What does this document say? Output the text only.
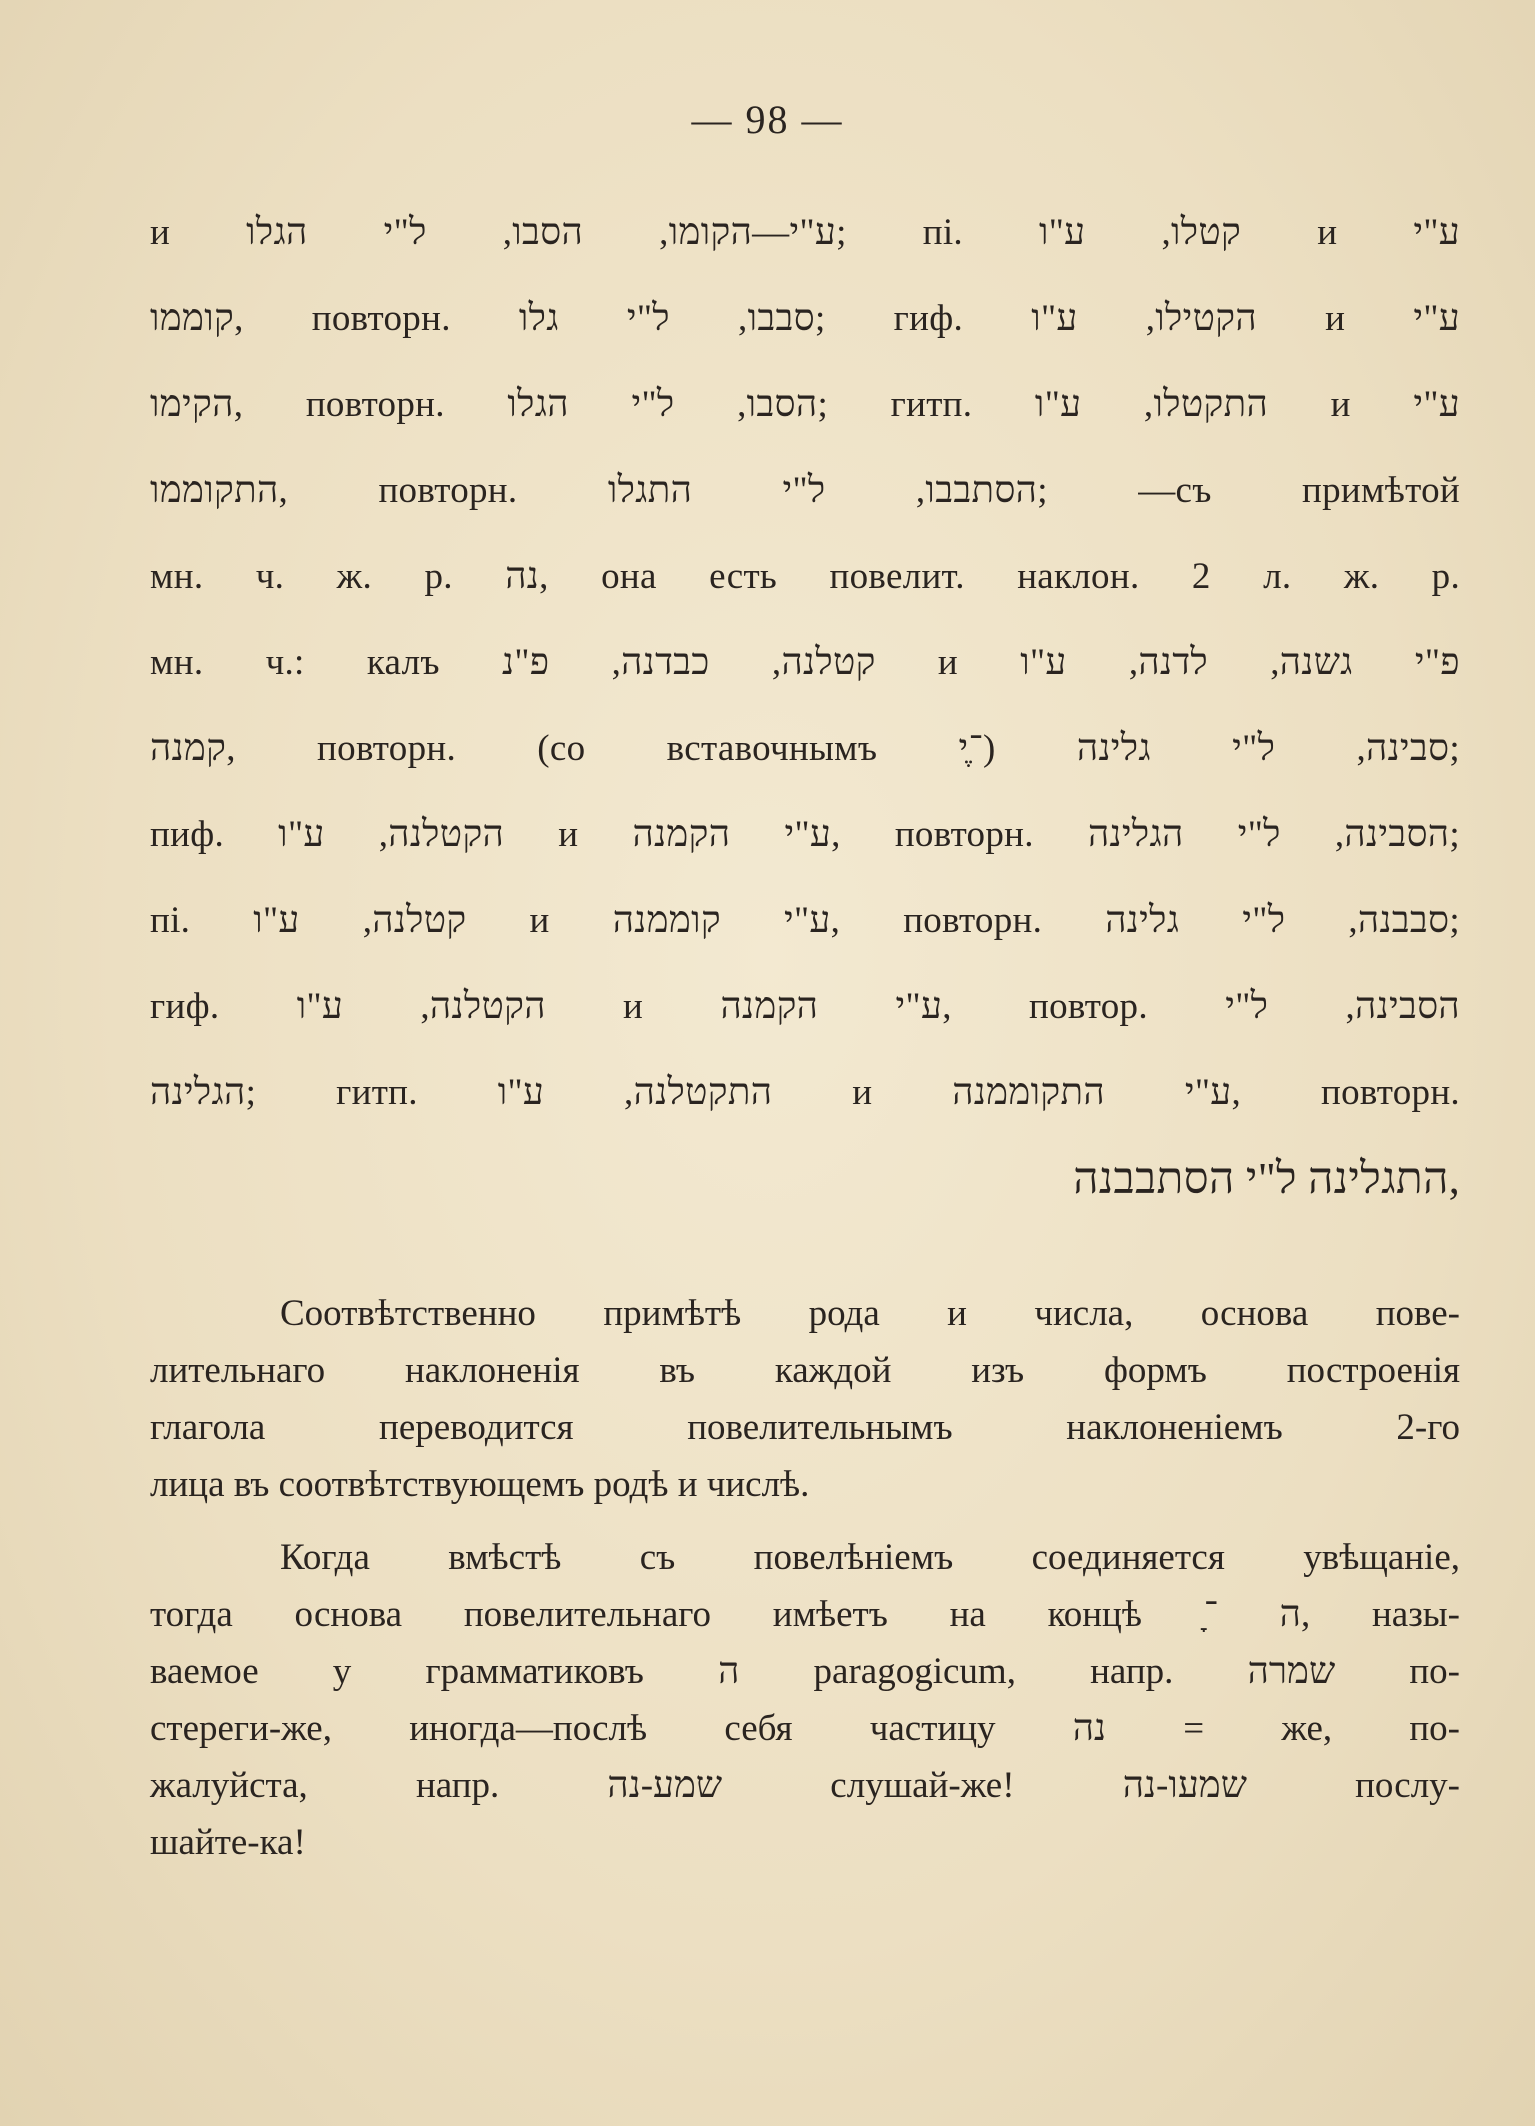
— 98 —
и ע"י—הקומו, הסבו, ל"י הגלו; пі. קטלו, ע"ו и ע"י
קוממו, повторн. סבבו, ל"י גלו; гиф. הקטילו, ע"ו и ע"י
הקימו, повторн. הסבו, ל"י הגלו; гитп. התקטלו, ע"ו и ע"י
התקוממו, повторн. הסתבבו, ל"י התגלו; —съ примѣтой
мн. ч. ж. р. נה, она есть повелит. наклон. 2 л. ж. р.
мн. ч.: калъ קטלנה, כבדנה, פ"נ и פ"י גשנה, לדנה, ע"ו
קמנה, повторн. (со вставочнымъ ־ֶי) סבינה, ל"י גלינה;
пиф. הקטלנה, ע"ו и ע"י הקמנה, повторн. הסבינה, ל"י הגלינה;
пі. קטלנה, ע"ו и ע"י קוממנה, повторн. סבבנה, ל"י גלינה;
гиф. הקטלנה, ע"ו и ע"י הקמנה, повтор. הסבינה, ל"י
הגלינה; гитп. התקטלנה, ע"ו и ע"י התקוממנה, повторн.
התגלינה ל"י הסתבבנה,

Соотвѣтственно примѣтѣ рода и числа, основа пове-
лительнаго наклоненія въ каждой изъ формъ построенія
глагола переводится повелительнымъ наклоненіемъ 2-го
лица въ соотвѣтствующемъ родѣ и числѣ.

Когда вмѣстѣ съ повелѣніемъ соединяется увѣщаніе,
тогда основа повелительнаго имѣетъ на концѣ ה ־ָ, назы-
ваемое у грамматиковъ ה paragogicum, напр. שמרה по-
стереги-же, иногда—послѣ себя частицу נה = же, по-
жалуйста, напр. שמע-נה слушай-же! שמעו-נה послу-
шайте-ка!
